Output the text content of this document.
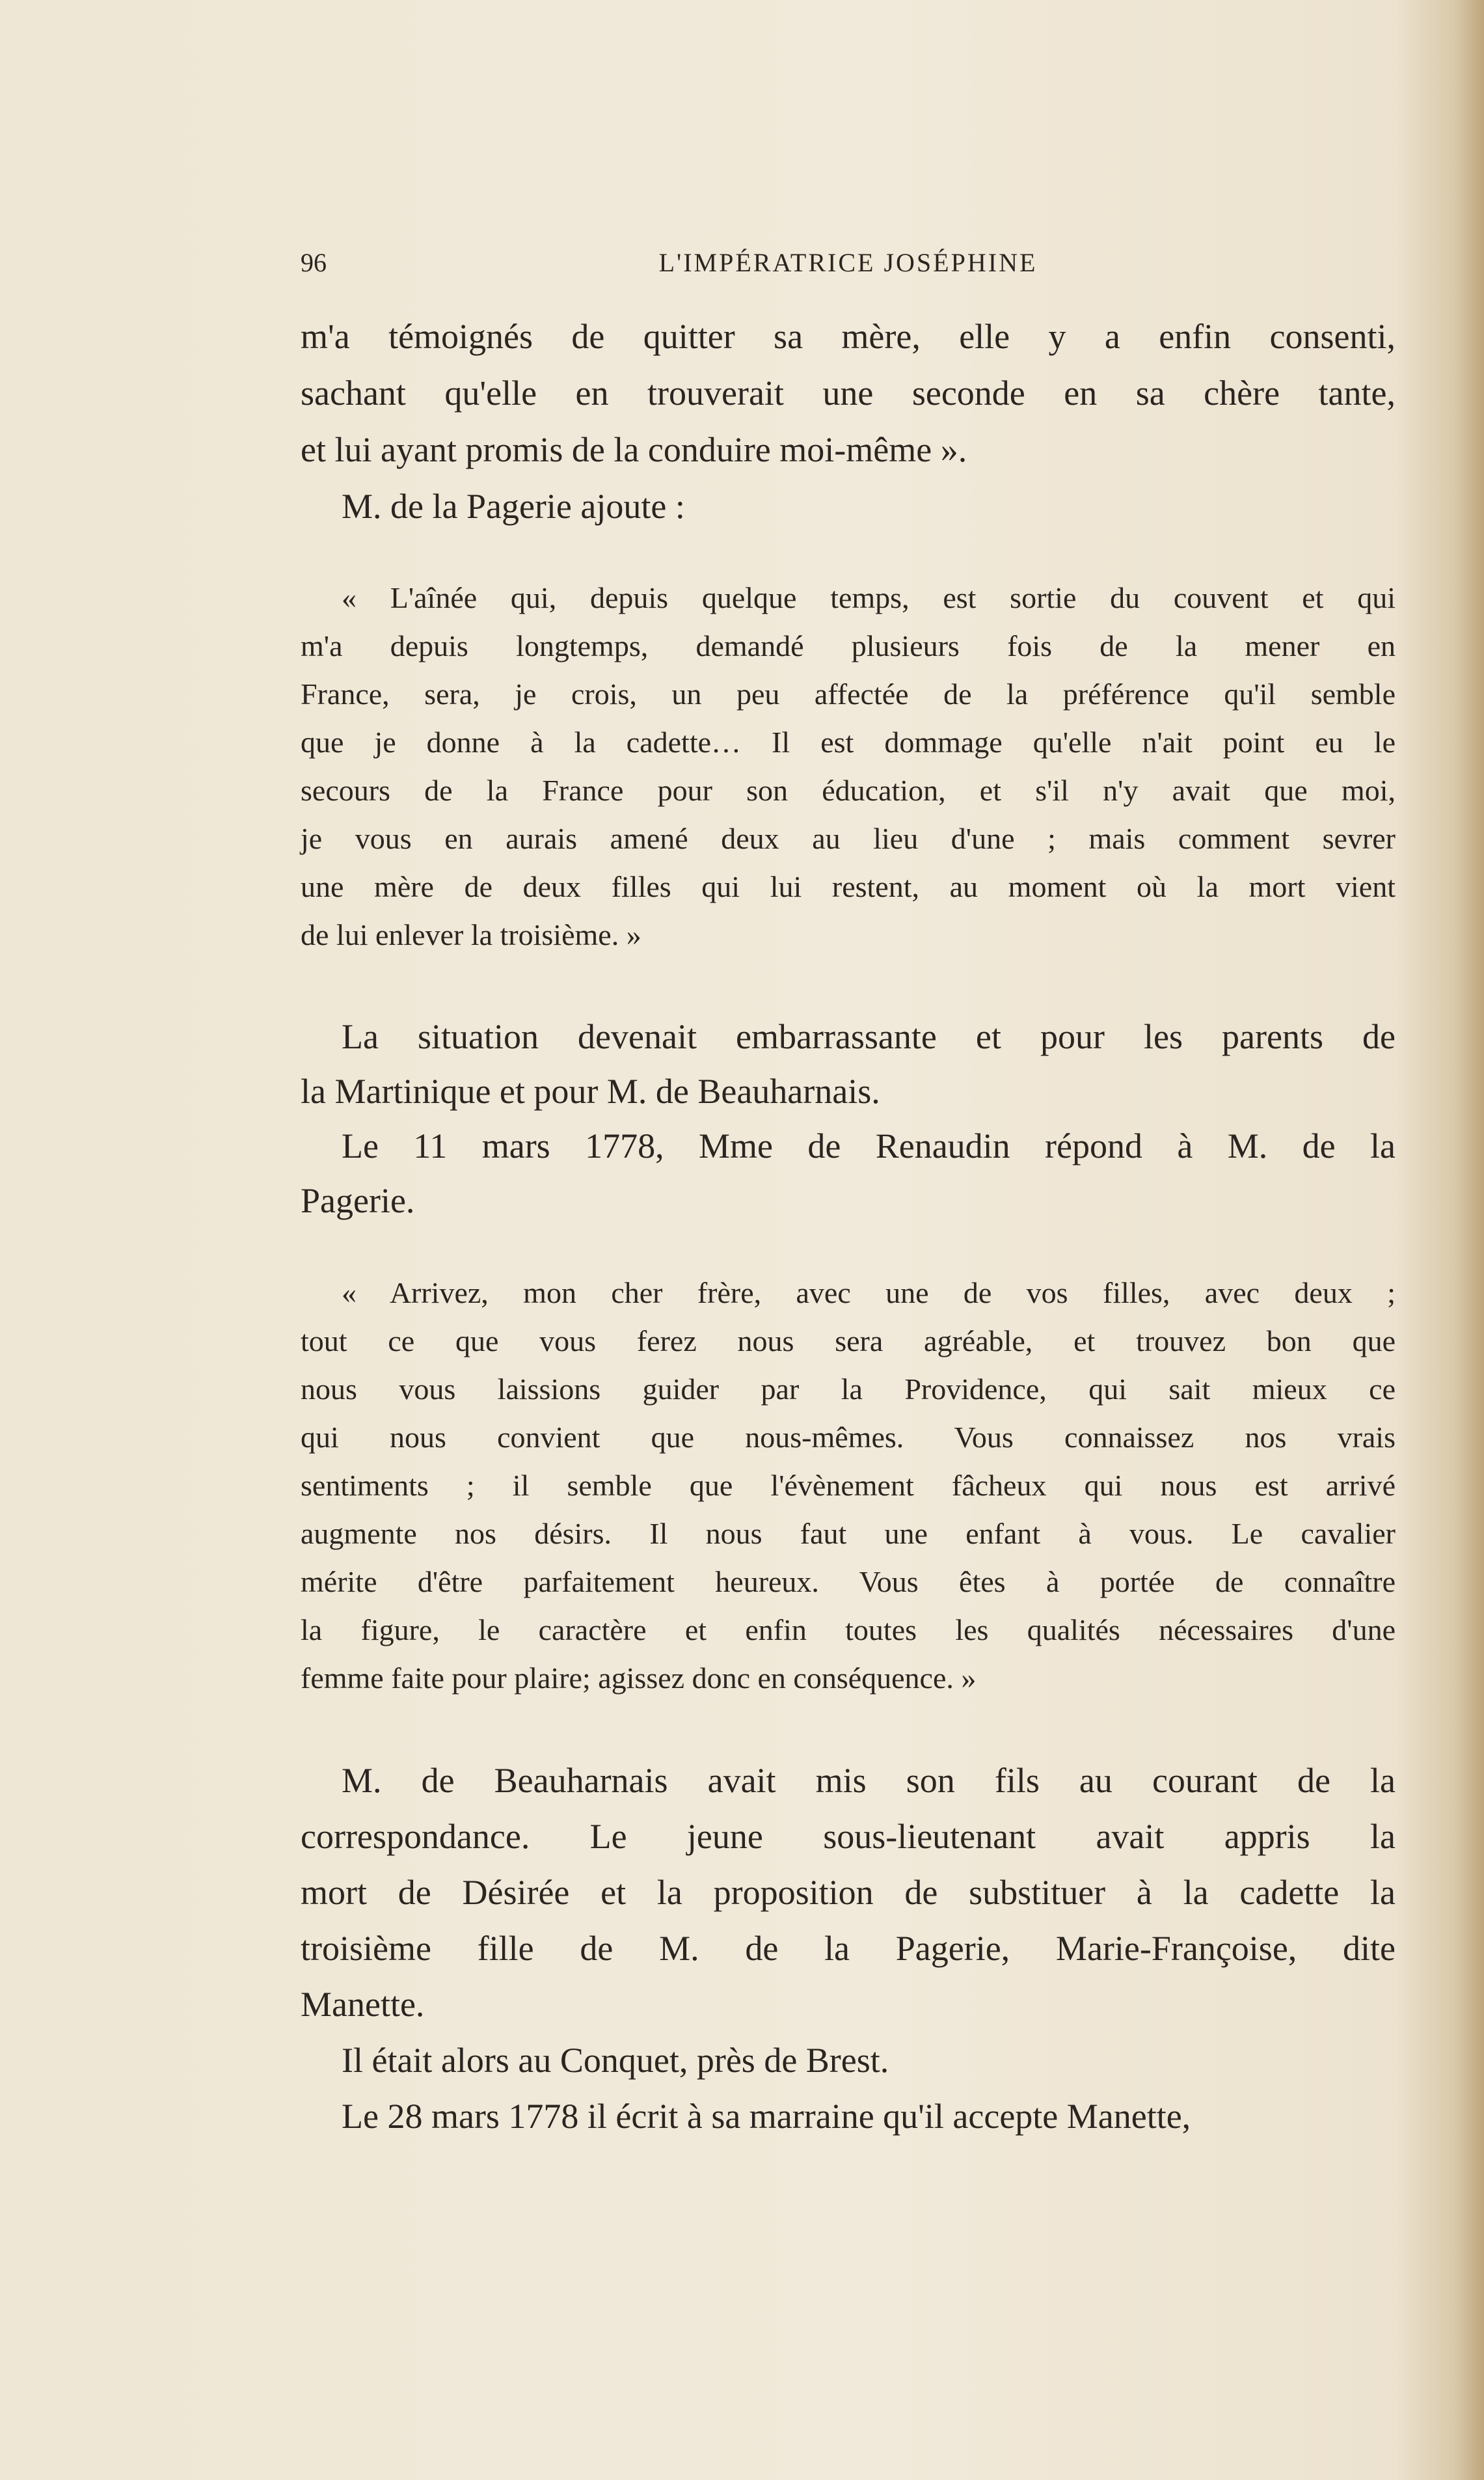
96	L'IMPÉRATRICE JOSÉPHINE
m'a témoignés de quitter sa mère, elle y a enfin consenti,
sachant qu'elle en trouverait une seconde en sa chère tante,
et lui ayant promis de la conduire moi-même ».
M. de la Pagerie ajoute :
« L'aînée qui, depuis quelque temps, est sortie du couvent et qui
m'a depuis longtemps, demandé plusieurs fois de la mener en
France, sera, je crois, un peu affectée de la préférence qu'il semble
que je donne à la cadette… Il est dommage qu'elle n'ait point eu le
secours de la France pour son éducation, et s'il n'y avait que moi,
je vous en aurais amené deux au lieu d'une ; mais comment sevrer
une mère de deux filles qui lui restent, au moment où la mort vient
de lui enlever la troisième. »
La situation devenait embarrassante et pour les parents de
la Martinique et pour M. de Beauharnais.
Le 11 mars 1778, Mme de Renaudin répond à M. de la
Pagerie.
« Arrivez, mon cher frère, avec une de vos filles, avec deux ;
tout ce que vous ferez nous sera agréable, et trouvez bon que
nous vous laissions guider par la Providence, qui sait mieux ce
qui nous convient que nous-mêmes. Vous connaissez nos vrais
sentiments ; il semble que l'évènement fâcheux qui nous est arrivé
augmente nos désirs. Il nous faut une enfant à vous. Le cavalier
mérite d'être parfaitement heureux. Vous êtes à portée de connaître
la figure, le caractère et enfin toutes les qualités nécessaires d'une
femme faite pour plaire; agissez donc en conséquence. »
M. de Beauharnais avait mis son fils au courant de la
correspondance. Le jeune sous-lieutenant avait appris la
mort de Désirée et la proposition de substituer à la cadette la
troisième fille de M. de la Pagerie, Marie-Françoise, dite
Manette.
Il était alors au Conquet, près de Brest.
Le 28 mars 1778 il écrit à sa marraine qu'il accepte Manette,
